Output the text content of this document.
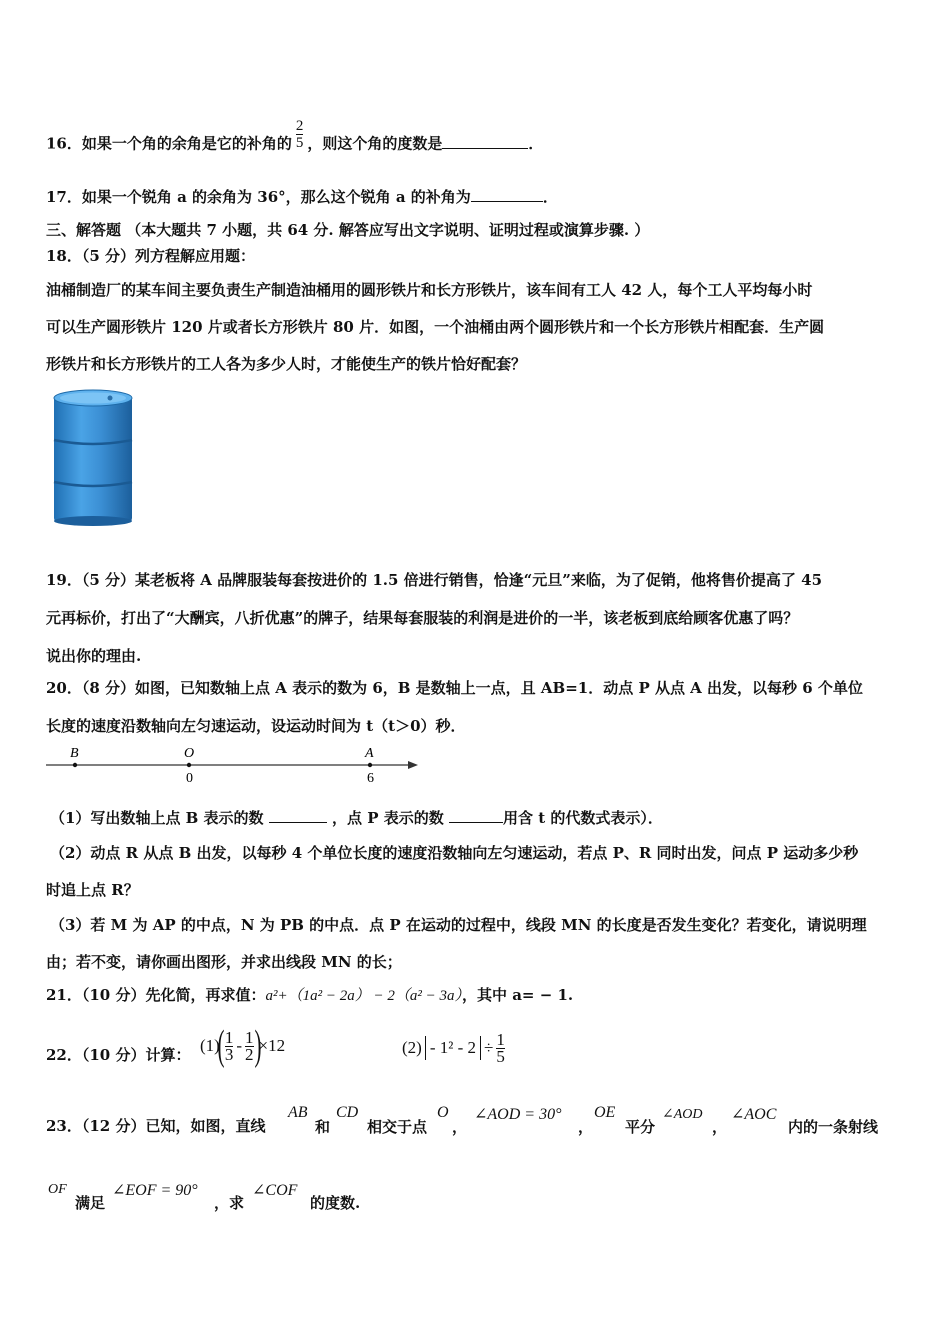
16．如果一个角的余角是它的补角的 $\frac{2}{5}$ ，则这个角的度数是	．
17．如果一个锐角 a 的余角为 36°，那么这个锐角 a 的补角为	．
三、解答题 （本大题共 7 小题，共 64 分. 解答应写出文字说明、证明过程或演算步骤. ）
18．（5 分）列方程解应用题：
油桶制造厂的某车间主要负责生产制造油桶用的圆形铁片和长方形铁片，该车间有工人 42 人，每个工人平均每小时
可以生产圆形铁片 120 片或者长方形铁片 80 片．如图，一个油桶由两个圆形铁片和一个长方形铁片相配套．生产圆
形铁片和长方形铁片的工人各为多少人时，才能使生产的铁片恰好配套？
19．（5 分）某老板将 A 品牌服装每套按进价的 1.5 倍进行销售，恰逢“元旦”来临，为了促销，他将售价提高了 45
元再标价，打出了“大酬宾，八折优惠”的牌子，结果每套服装的利润是进价的一半，该老板到底给顾客优惠了吗？
说出你的理由.
20．（8 分）如图，已知数轴上点 A 表示的数为 6，B 是数轴上一点，且 AB=1．动点 P 从点 A 出发，以每秒 6 个单位
长度的速度沿数轴向左匀速运动，设运动时间为 t（t＞0）秒．
B	O	A
0	6
（1）写出数轴上点 B 表示的数	，点 P 表示的数	用含 t 的代数式表示）．
（2）动点 R 从点 B 出发，以每秒 4 个单位长度的速度沿数轴向左匀速运动，若点 P、R 同时出发，问点 P 运动多少秒
时追上点 R？
（3）若 M 为 AP 的中点，N 为 PB 的中点．点 P 在运动的过程中，线段 MN 的长度是否发生变化？若变化，请说明理
由；若不变，请你画出图形，并求出线段 MN 的长；
21．（10 分）先化简，再求值：a²+（1a² − 2a） − 2（a² − 3a），其中 a= − 1.
22．（10 分）计算： (1)
( $\frac{1}{3} - \frac{1}{2}$ )
×12	$(2) - 1^2 - 2 \div \frac{1}{5}$
23．（12 分）已知，如图，直线
AB
和
CD
相交于点
O
，
∠AOD = 30°
，
OE
平分
∠AOD
，
∠AOC
内的一条射线
OF
满足
∠EOF = 90°
，求
∠COF
的度数.
